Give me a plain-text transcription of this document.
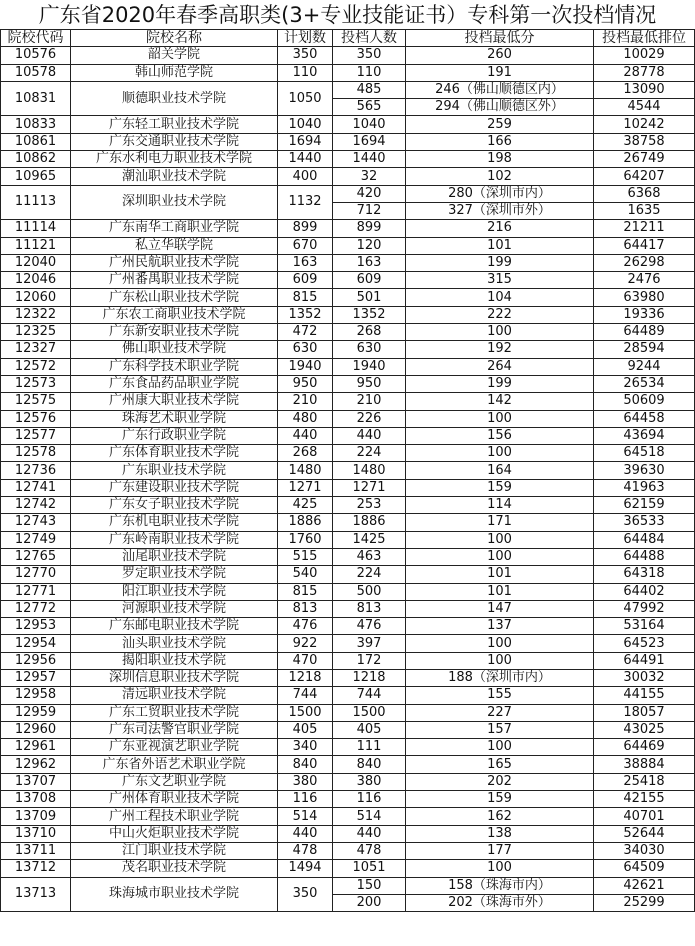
广东省2020年春季高职类(3+专业技能证书）专科第一次投档情况
院校代码	院校名称	计划数	投档人数	投档最低分	投档最低排位
10576	韶关学院	350	350	260	10029
10578	韩山师范学院	110	110	191	28778
10831	顺德职业技术学院	1050	485	246（佛山顺德区内）	13090
			565	294（佛山顺德区外）	4544
10833	广东轻工职业技术学院	1040	1040	259	10242
10861	广东交通职业技术学院	1694	1694	166	38758
10862	广东水利电力职业技术学院	1440	1440	198	26749
10965	潮汕职业技术学院	400	32	102	64207
11113	深圳职业技术学院	1132	420	280（深圳市内）	6368
			712	327（深圳市外）	1635
11114	广东南华工商职业学院	899	899	216	21211
11121	私立华联学院	670	120	101	64417
12040	广州民航职业技术学院	163	163	199	26298
12046	广州番禺职业技术学院	609	609	315	2476
12060	广东松山职业技术学院	815	501	104	63980
12322	广东农工商职业技术学院	1352	1352	222	19336
12325	广东新安职业技术学院	472	268	100	64489
12327	佛山职业技术学院	630	630	192	28594
12572	广东科学技术职业学院	1940	1940	264	9244
12573	广东食品药品职业学院	950	950	199	26534
12575	广州康大职业技术学院	210	210	142	50609
12576	珠海艺术职业学院	480	226	100	64458
12577	广东行政职业学院	440	440	156	43694
12578	广东体育职业技术学院	268	224	100	64518
12736	广东职业技术学院	1480	1480	164	39630
12741	广东建设职业技术学院	1271	1271	159	41963
12742	广东女子职业技术学院	425	253	114	62159
12743	广东机电职业技术学院	1886	1886	171	36533
12749	广东岭南职业技术学院	1760	1425	100	64484
12765	汕尾职业技术学院	515	463	100	64488
12770	罗定职业技术学院	540	224	101	64318
12771	阳江职业技术学院	815	500	101	64402
12772	河源职业技术学院	813	813	147	47992
12953	广东邮电职业技术学院	476	476	137	53164
12954	汕头职业技术学院	922	397	100	64523
12956	揭阳职业技术学院	470	172	100	64491
12957	深圳信息职业技术学院	1218	1218	188（深圳市内）	30032
12958	清远职业技术学院	744	744	155	44155
12959	广东工贸职业技术学院	1500	1500	227	18057
12960	广东司法警官职业学院	405	405	157	43025
12961	广东亚视演艺职业学院	340	111	100	64469
12962	广东省外语艺术职业学院	840	840	165	38884
13707	广东文艺职业学院	380	380	202	25418
13708	广州体育职业技术学院	116	116	159	42155
13709	广州工程技术职业学院	514	514	162	40701
13710	中山火炬职业技术学院	440	440	138	52644
13711	江门职业技术学院	478	478	177	34030
13712	茂名职业技术学院	1494	1051	100	64509
13713	珠海城市职业技术学院	350	150	158（珠海市内）	42621
			200	202（珠海市外）	25299
